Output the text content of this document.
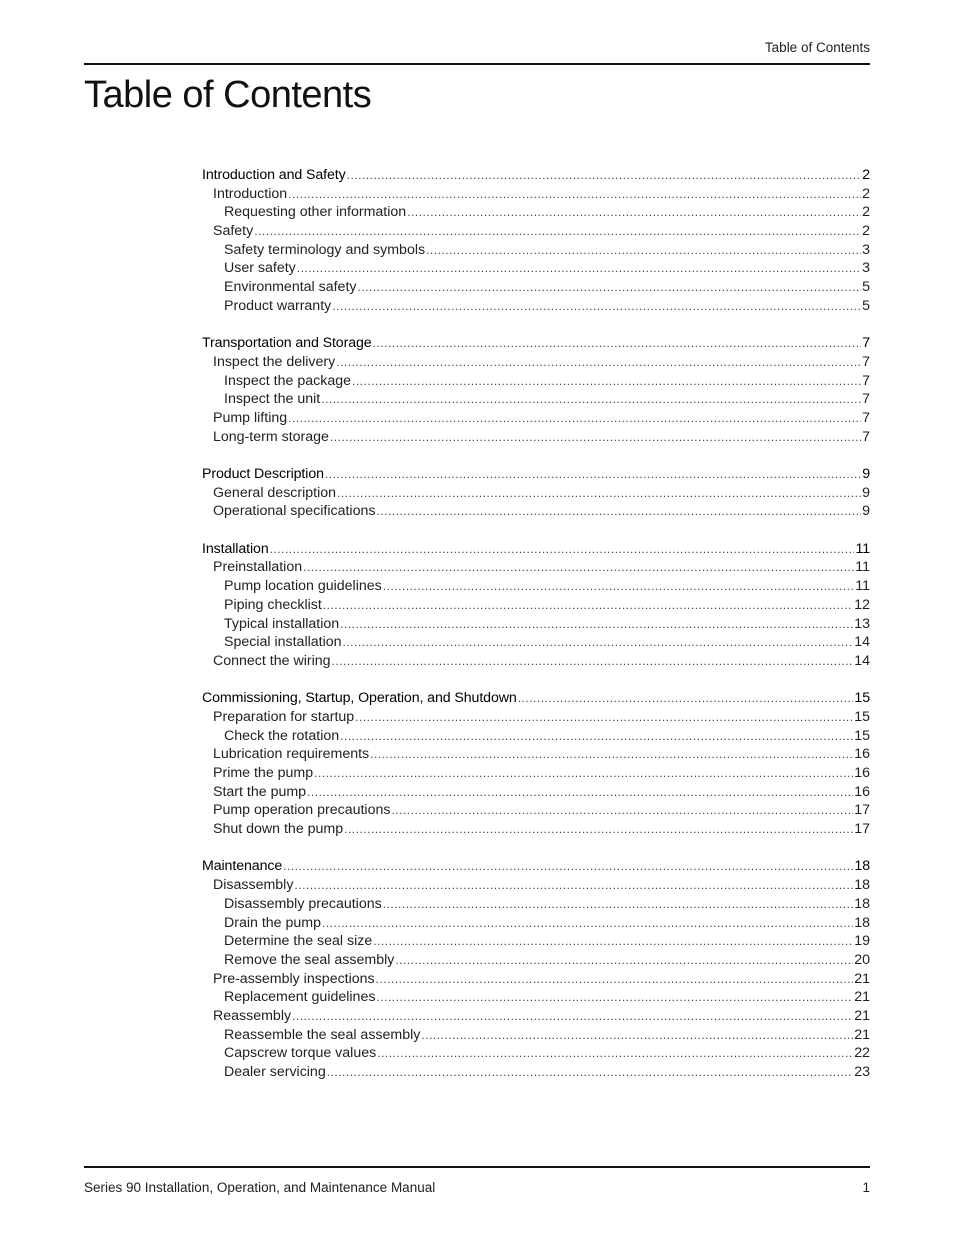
Table of Contents
Table of Contents
Introduction and Safety .....	2
Introduction .....	2
Requesting other information .....	2
Safety .....	2
Safety terminology and symbols .....	3
User safety .....	3
Environmental safety .....	5
Product warranty .....	5
Transportation and Storage .....	7
Inspect the delivery .....	7
Inspect the package .....	7
Inspect the unit .....	7
Pump lifting .....	7
Long-term storage .....	7
Product Description .....	9
General description .....	9
Operational specifications .....	9
Installation .....	11
Preinstallation .....	11
Pump location guidelines .....	11
Piping checklist .....	12
Typical installation .....	13
Special installation .....	14
Connect the wiring .....	14
Commissioning, Startup, Operation, and Shutdown .....	15
Preparation for startup .....	15
Check the rotation .....	15
Lubrication requirements .....	16
Prime the pump .....	16
Start the pump .....	16
Pump operation precautions .....	17
Shut down the pump .....	17
Maintenance .....	18
Disassembly .....	18
Disassembly precautions .....	18
Drain the pump .....	18
Determine the seal size .....	19
Remove the seal assembly .....	20
Pre-assembly inspections .....	21
Replacement guidelines .....	21
Reassembly .....	21
Reassemble the seal assembly .....	21
Capscrew torque values .....	22
Dealer servicing .....	23
Series 90 Installation, Operation, and Maintenance Manual	1
